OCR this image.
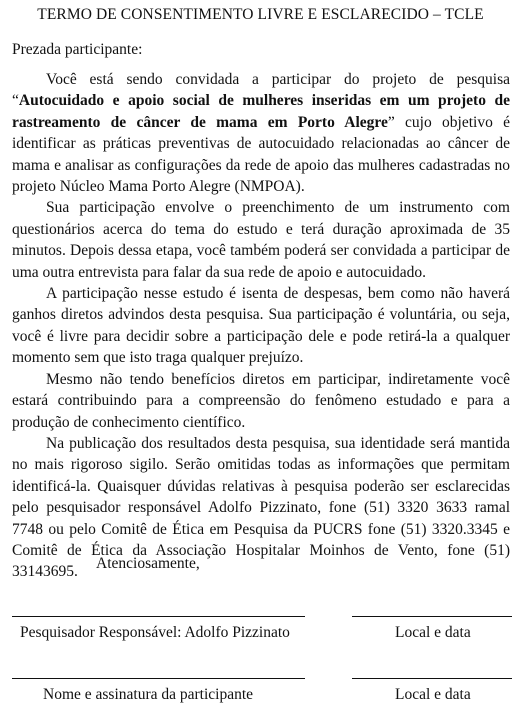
TERMO DE CONSENTIMENTO LIVRE E ESCLARECIDO – TCLE
Prezada participante:

Você está sendo convidada a participar do projeto de pesquisa “Autocuidado e apoio social de mulheres inseridas em um projeto de rastreamento de câncer de mama em Porto Alegre” cujo objetivo é identificar as práticas preventivas de autocuidado relacionadas ao câncer de mama e analisar as configurações da rede de apoio das mulheres cadastradas no projeto Núcleo Mama Porto Alegre (NMPOA).

Sua participação envolve o preenchimento de um instrumento com questionários acerca do tema do estudo e terá duração aproximada de 35 minutos. Depois dessa etapa, você também poderá ser convidada a participar de uma outra entrevista para falar da sua rede de apoio e autocuidado.

A participação nesse estudo é isenta de despesas, bem como não haverá ganhos diretos advindos desta pesquisa. Sua participação é voluntária, ou seja, você é livre para decidir sobre a participação dele e pode retirá-la a qualquer momento sem que isto traga qualquer prejuízo.

Mesmo não tendo benefícios diretos em participar, indiretamente você estará contribuindo para a compreensão do fenômeno estudado e para a produção de conhecimento científico.

Na publicação dos resultados desta pesquisa, sua identidade será mantida no mais rigoroso sigilo. Serão omitidas todas as informações que permitam identificá-la. Quaisquer dúvidas relativas à pesquisa poderão ser esclarecidas pelo pesquisador responsável Adolfo Pizzinato, fone (51) 3320 3633 ramal 7748 ou pelo Comitê de Ética em Pesquisa da PUCRS fone (51) 3320.3345 e Comitê de Ética da Associação Hospitalar Moinhos de Vento, fone (51) 33143695.	Atenciosamente,
Pesquisador Responsável: Adolfo Pizzinato	Local e data
Nome e assinatura da participante	Local e data
